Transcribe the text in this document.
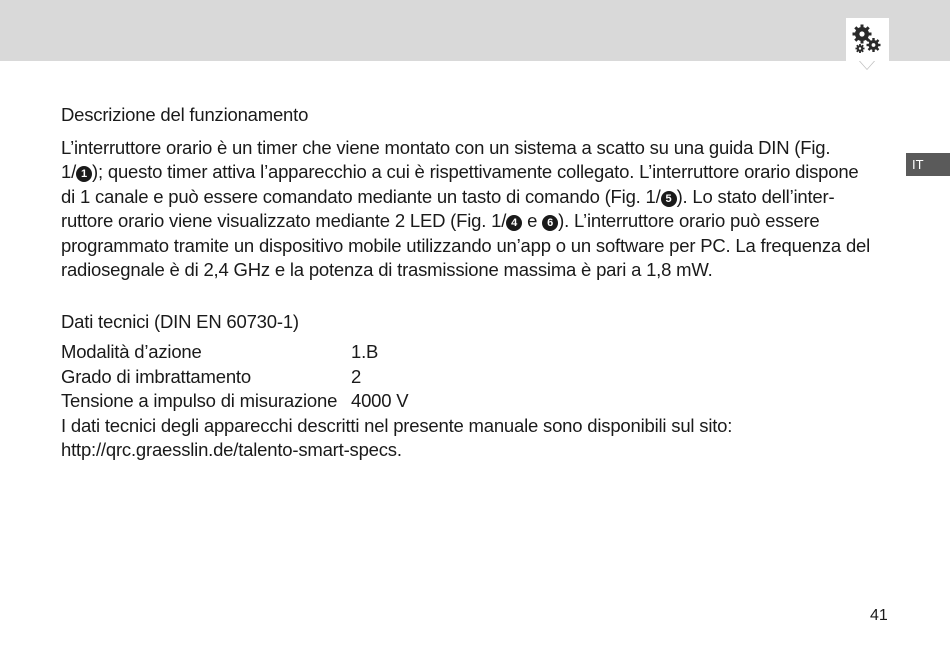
IT

Descrizione del funzionamento

L’interruttore orario è un timer che viene montato con un sistema a scatto su una guida DIN (Fig.
1/ 1 ); questo timer attiva l’apparecchio a cui è rispettivamente collegato. L’interruttore orario dispone
di 1 canale e può essere comandato mediante un tasto di comando (Fig. 1/ 5 ). Lo stato dell’inter-
ruttore orario viene visualizzato mediante 2 LED (Fig. 1/ 4 e 6 ). L’interruttore orario può essere
programmato tramite un dispositivo mobile utilizzando un’app o un software per PC. La frequenza del
radiosegnale è di 2,4 GHz e la potenza di trasmissione massima è pari a 1,8 mW.

Dati tecnici (DIN EN 60730-1)

Modalità d’azione	1.B
Grado di imbrattamento	2
Tensione a impulso di misurazione 4000 V

I dati tecnici degli apparecchi descritti nel presente manuale sono disponibili sul sito:
http://qrc.graesslin.de/talento-smart-specs.

41
